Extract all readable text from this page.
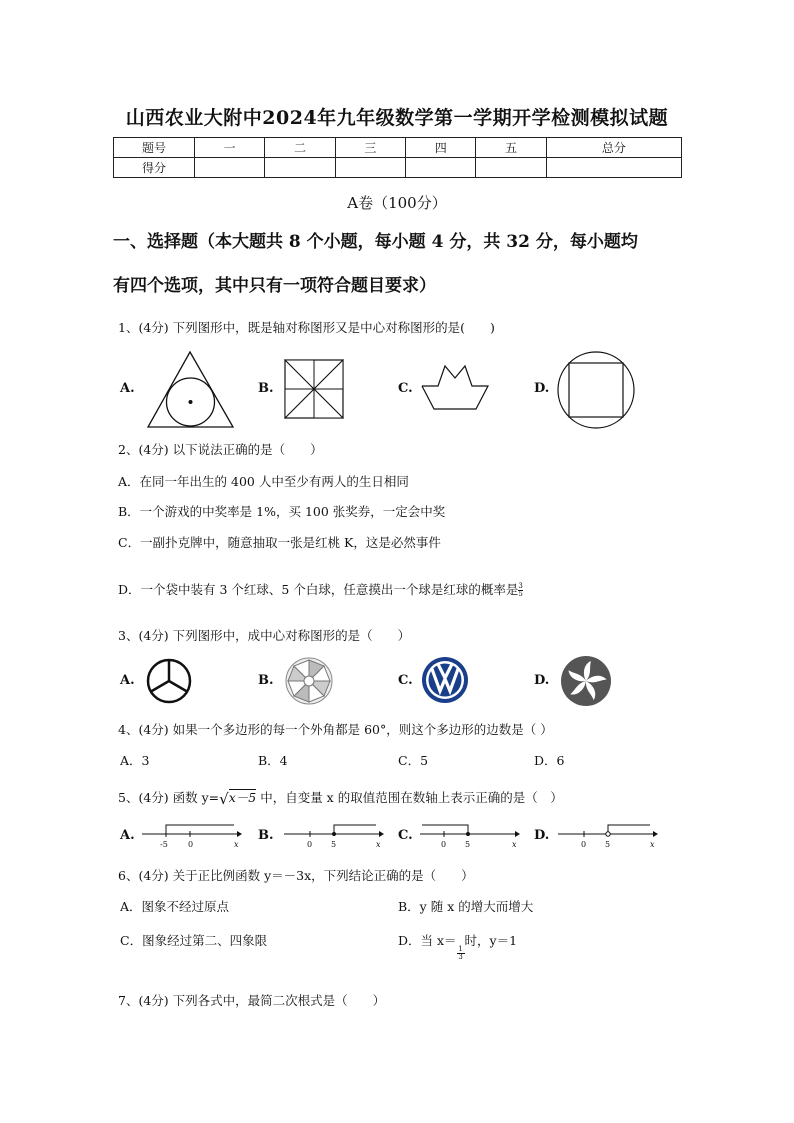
山西农业大附中2024年九年级数学第一学期开学检测模拟试题
题号	一	二	三	四	五	总分
得分						
A卷（100分）
一、选择题（本大题共 8 个小题，每小题 4 分，共 32 分，每小题均
有四个选项，其中只有一项符合题目要求）
1、(4分) 下列图形中，既是轴对称图形又是中心对称图形的是(　　)
A.	B.	C.	D.
2、(4分) 以下说法正确的是（　　）
A．在同一年出生的 400 人中至少有两人的生日相同
B．一个游戏的中奖率是 1%，买 100 张奖券，一定会中奖
C．一副扑克牌中，随意抽取一张是红桃 K，这是必然事件
D．一个袋中装有 3 个红球、5 个白球，任意摸出一个球是红球的概率是 $\frac{3}{5}$
3、(4分) 下列图形中，成中心对称图形的是（　　）
A.	B.	C.	D.
4、(4分) 如果一个多边形的每一个外角都是 60°，则这个多边形的边数是（ ）
A．3	B．4	C．5	D．6
5、(4分) 函数 y=√x－5 中，自变量 x 的取值范围在数轴上表示正确的是（　）
A.
-5	0	x
B.
0 5	x
C.
0 5	x
D.
0 5	x
6、(4分) 关于正比例函数 y＝－3x，下列结论正确的是（　　）
A．图象不经过原点	B．y 随 x 的增大而增大
C．图象经过第二、四象限	D．当 x＝
$\frac{1}{3}$
时，y＝1
7、(4分) 下列各式中，最简二次根式是（　　）
